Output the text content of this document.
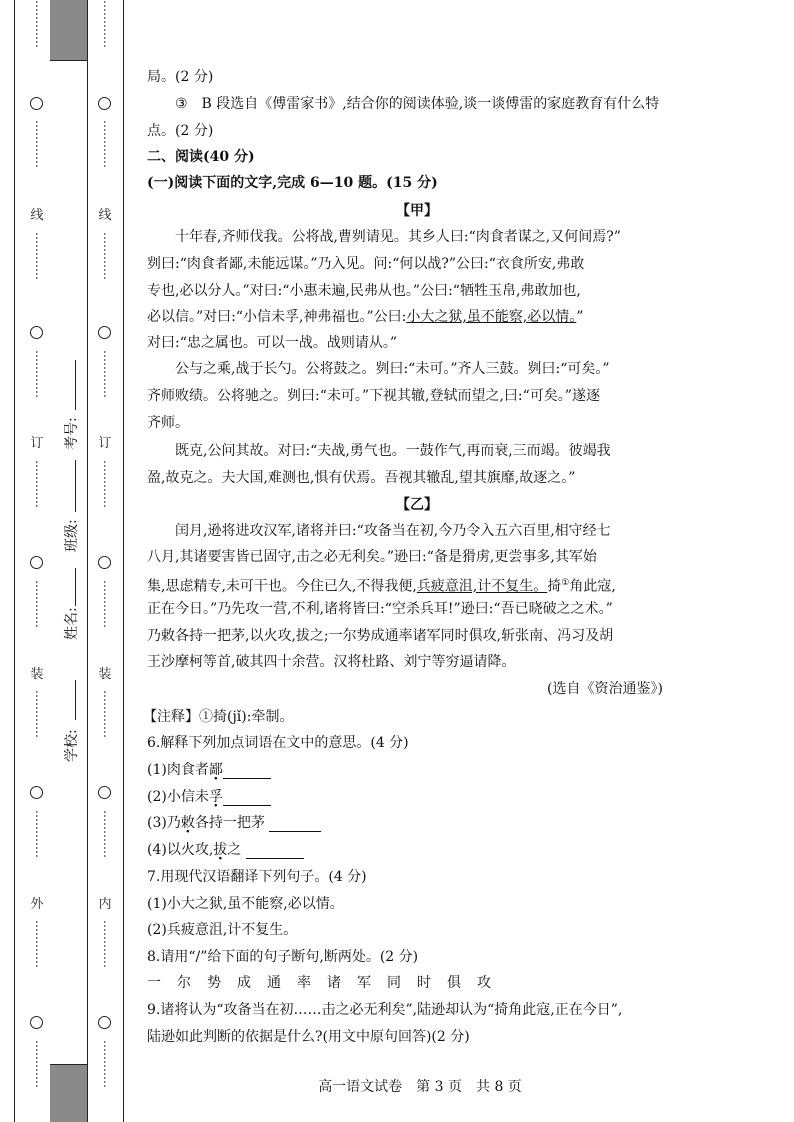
⋯⋯⋯⋯
⋯⋯⋯⋯
线
⋯⋯⋯⋯
⋯⋯⋯⋯
订
⋯⋯⋯⋯
⋯⋯⋯⋯
装
⋯⋯⋯⋯
⋯⋯⋯⋯
外
⋯⋯⋯⋯
⋯⋯⋯⋯
⋯⋯⋯⋯
⋯⋯⋯⋯
线
⋯⋯⋯⋯
⋯⋯⋯⋯
订
⋯⋯⋯⋯
⋯⋯⋯⋯
装
⋯⋯⋯⋯
⋯⋯⋯⋯
内
⋯⋯⋯⋯
⋯⋯⋯⋯
学校:
姓名:
班级:
考号:
局。(2 分)
③　B 段选自《傅雷家书》,结合你的阅读体验,谈一谈傅雷的家庭教育有什么特
点。(2 分)
二、阅读(40 分)
(一)阅读下面的文字,完成 6—10 题。(15 分)
【甲】
十年春,齐师伐我。公将战,曹刿请见。其乡人曰:“肉食者谋之,又何间焉?”
刿曰:“肉食者鄙,未能远谋。”乃入见。问:“何以战?”公曰:“衣食所安,弗敢
专也,必以分人。”对曰:“小惠未遍,民弗从也。”公曰:“牺牲玉帛,弗敢加也,
必以信。”对曰:“小信未孚,神弗福也。”公曰:小大之狱,虽不能察,必以情。”
对曰:“忠之属也。可以一战。战则请从。”
公与之乘,战于长勺。公将鼓之。刿曰:“未可。”齐人三鼓。刿曰:“可矣。”
齐师败绩。公将驰之。刿曰:“未可。”下视其辙,登轼而望之,曰:“可矣。”遂逐
齐师。
既克,公问其故。对曰:“夫战,勇气也。一鼓作气,再而衰,三而竭。彼竭我
盈,故克之。夫大国,难测也,惧有伏焉。吾视其辙乱,望其旗靡,故逐之。”
【乙】
闰月,逊将进攻汉军,诸将并曰:“攻备当在初,今乃令入五六百里,相守经七
八月,其诸要害皆已固守,击之必无利矣。”逊曰:“备是猾虏,更尝事多,其军始
集,思虑精专,未可干也。今住已久,不得我便,兵疲意沮,计不复生。掎①角此寇,
正在今日。”乃先攻一营,不利,诸将皆曰:“空杀兵耳!”逊曰:“吾已晓破之之术。”
乃敕各持一把茅,以火攻,拔之;一尔势成通率诸军同时俱攻,斩张南、冯习及胡
王沙摩柯等首,破其四十余营。汉将杜路、刘宁等穷逼请降。
(选自《资治通鉴》)
【注释】①掎(jǐ):牵制。
6.解释下列加点词语在文中的意思。(4 分)
(1)肉食者鄙
(2)小信未孚
(3)乃敕各持一把茅
(4)以火攻,拔之
7.用现代汉语翻译下列句子。(4 分)
(1)小大之狱,虽不能察,必以情。
(2)兵疲意沮,计不复生。
8.请用“/”给下面的句子断句,断两处。(2 分)
一尔势成通率诸军同时俱攻
9.诸将认为“攻备当在初……击之必无利矣”,陆逊却认为“掎角此寇,正在今日”,
陆逊如此判断的依据是什么?(用文中原句回答)(2 分)
高一语文试卷　第 3 页　共 8 页
